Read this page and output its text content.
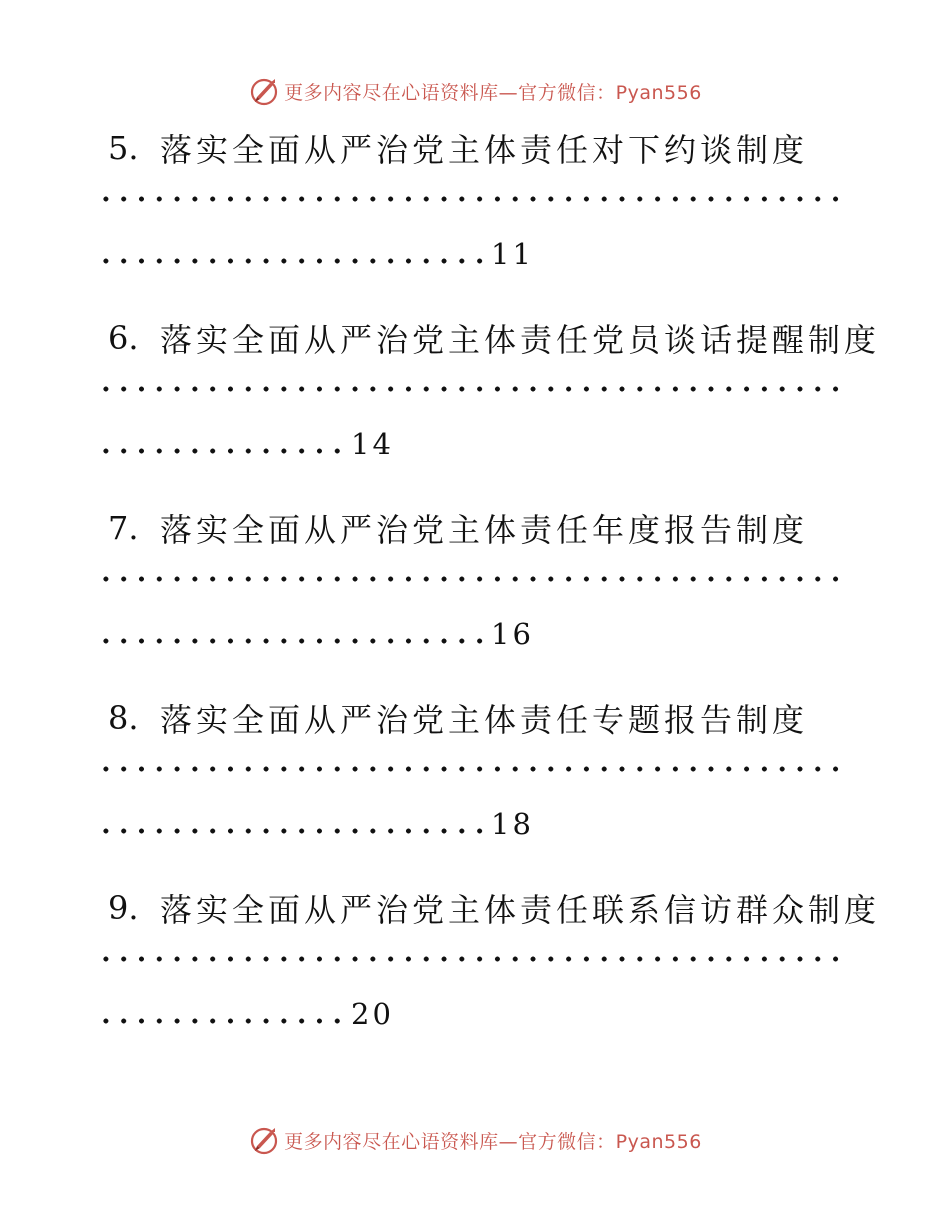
更多内容尽在心语资料库—官方微信：Pyan556
5. 落实全面从严治党主体责任对下约谈制度
11
6. 落实全面从严治党主体责任党员谈话提醒制度
14
7. 落实全面从严治党主体责任年度报告制度
16
8. 落实全面从严治党主体责任专题报告制度
18
9. 落实全面从严治党主体责任联系信访群众制度
20
更多内容尽在心语资料库—官方微信：Pyan556
